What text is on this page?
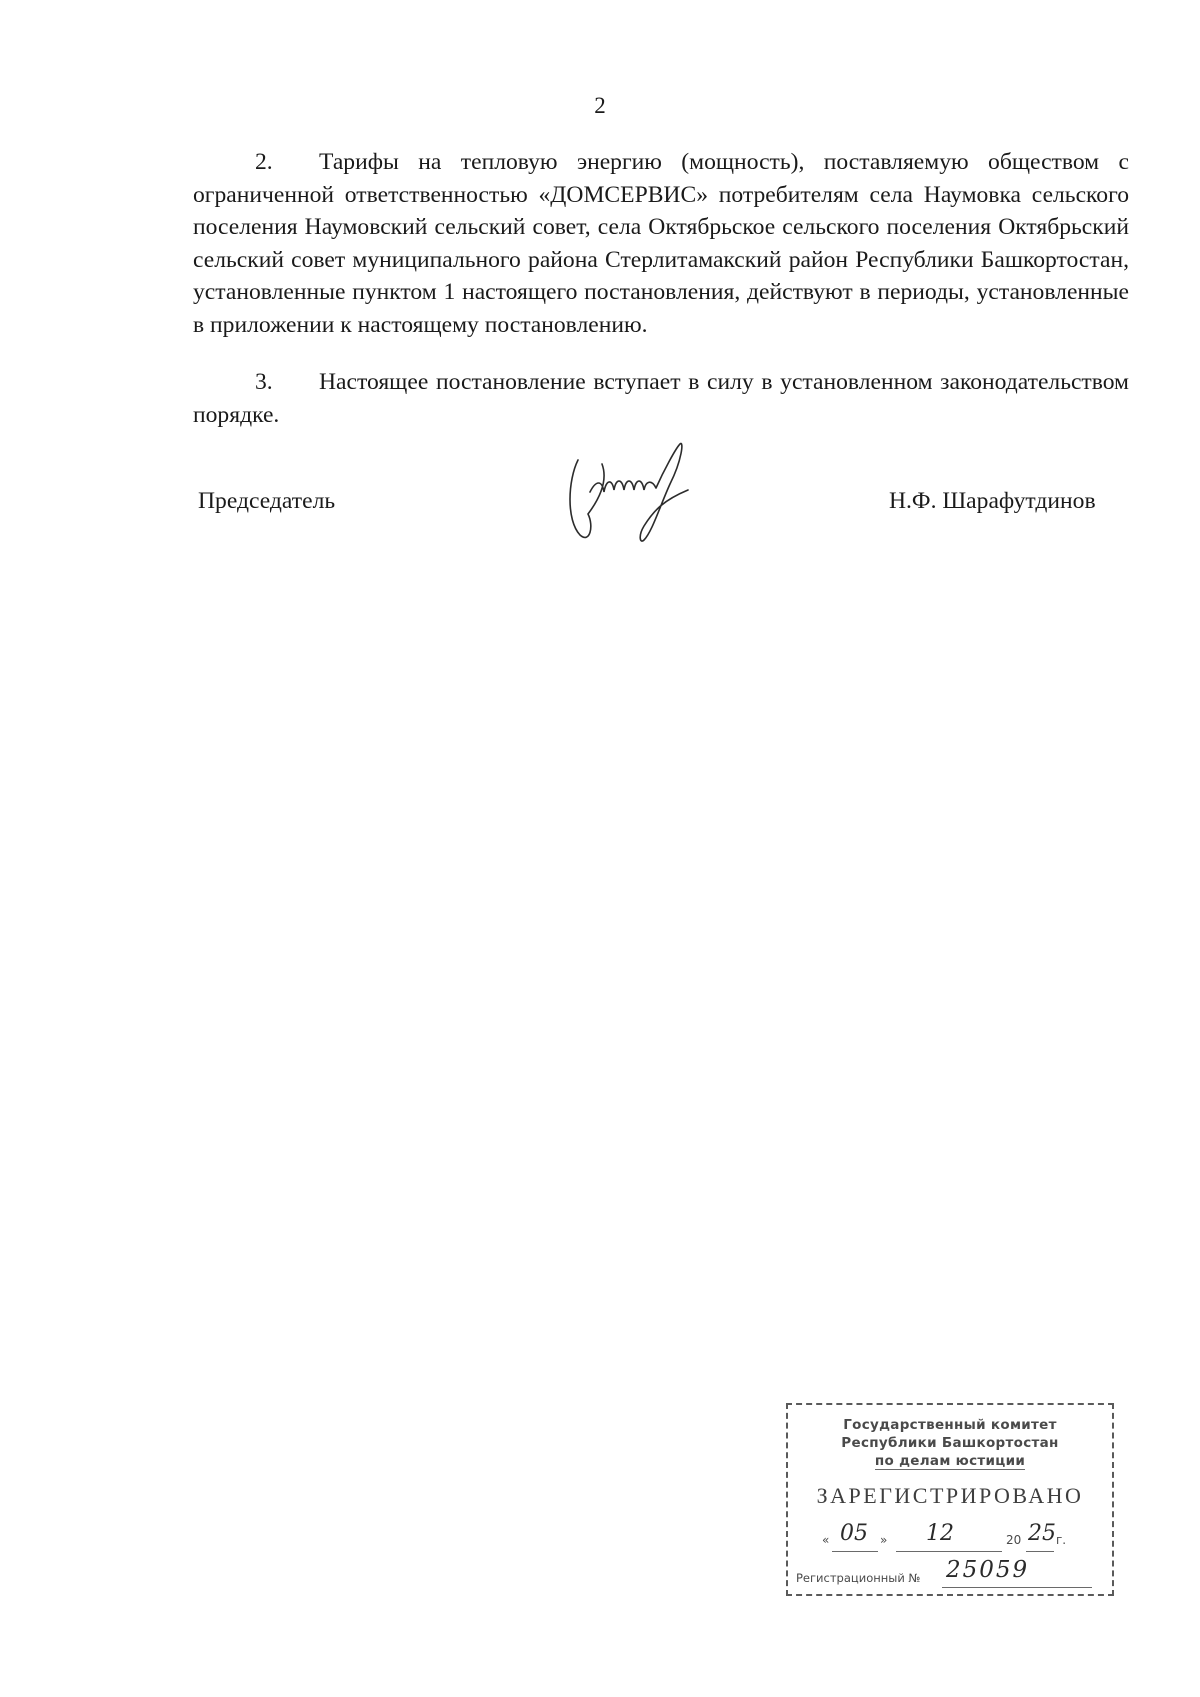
2

2. Тарифы на тепловую энергию (мощность), поставляемую обществом с ограниченной ответственностью «ДОМСЕРВИС» потребителям села Наумовка сельского поселения Наумовский сельский совет, села Октябрьское сельского поселения Октябрьский сельский совет муниципального района Стерлитамакский район Республики Башкортостан, установленные пунктом 1 настоящего постановления, действуют в периоды, установленные в приложении к настоящему постановлению.

3. Настоящее постановление вступает в силу в установленном законодательством порядке.

Председатель	Н.Ф. Шарафутдинов
Государственный комитет
Республики Башкортостан
по делам юстиции
ЗАРЕГИСТРИРОВАНО
« 05	»	12	20 25 г.
Регистрационный № 25059
